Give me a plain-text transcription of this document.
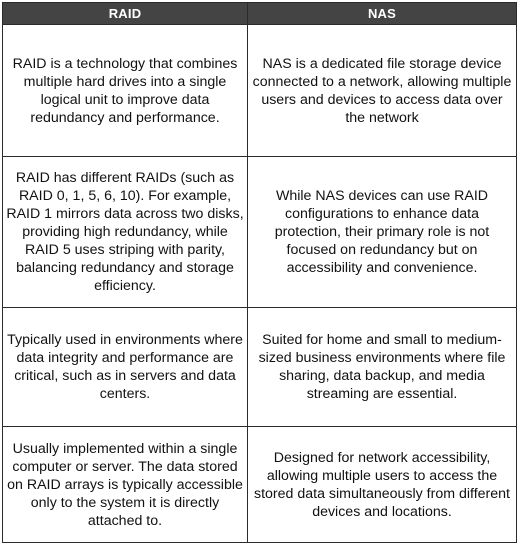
RAID	NAS
RAID is a technology that combines multiple hard drives into a single logical unit to improve data redundancy and performance.	NAS is a dedicated file storage device connected to a network, allowing multiple users and devices to access data over the network
RAID has different RAIDs (such as RAID 0, 1, 5, 6, 10). For example, RAID 1 mirrors data across two disks, providing high redundancy, while RAID 5 uses striping with parity, balancing redundancy and storage efficiency.	While NAS devices can use RAID configurations to enhance data protection, their primary role is not focused on redundancy but on accessibility and convenience.
Typically used in environments where data integrity and performance are critical, such as in servers and data centers.	Suited for home and small to medium-sized business environments where file sharing, data backup, and media streaming are essential.
Usually implemented within a single computer or server. The data stored on RAID arrays is typically accessible only to the system it is directly attached to.	Designed for network accessibility, allowing multiple users to access the stored data simultaneously from different devices and locations.
